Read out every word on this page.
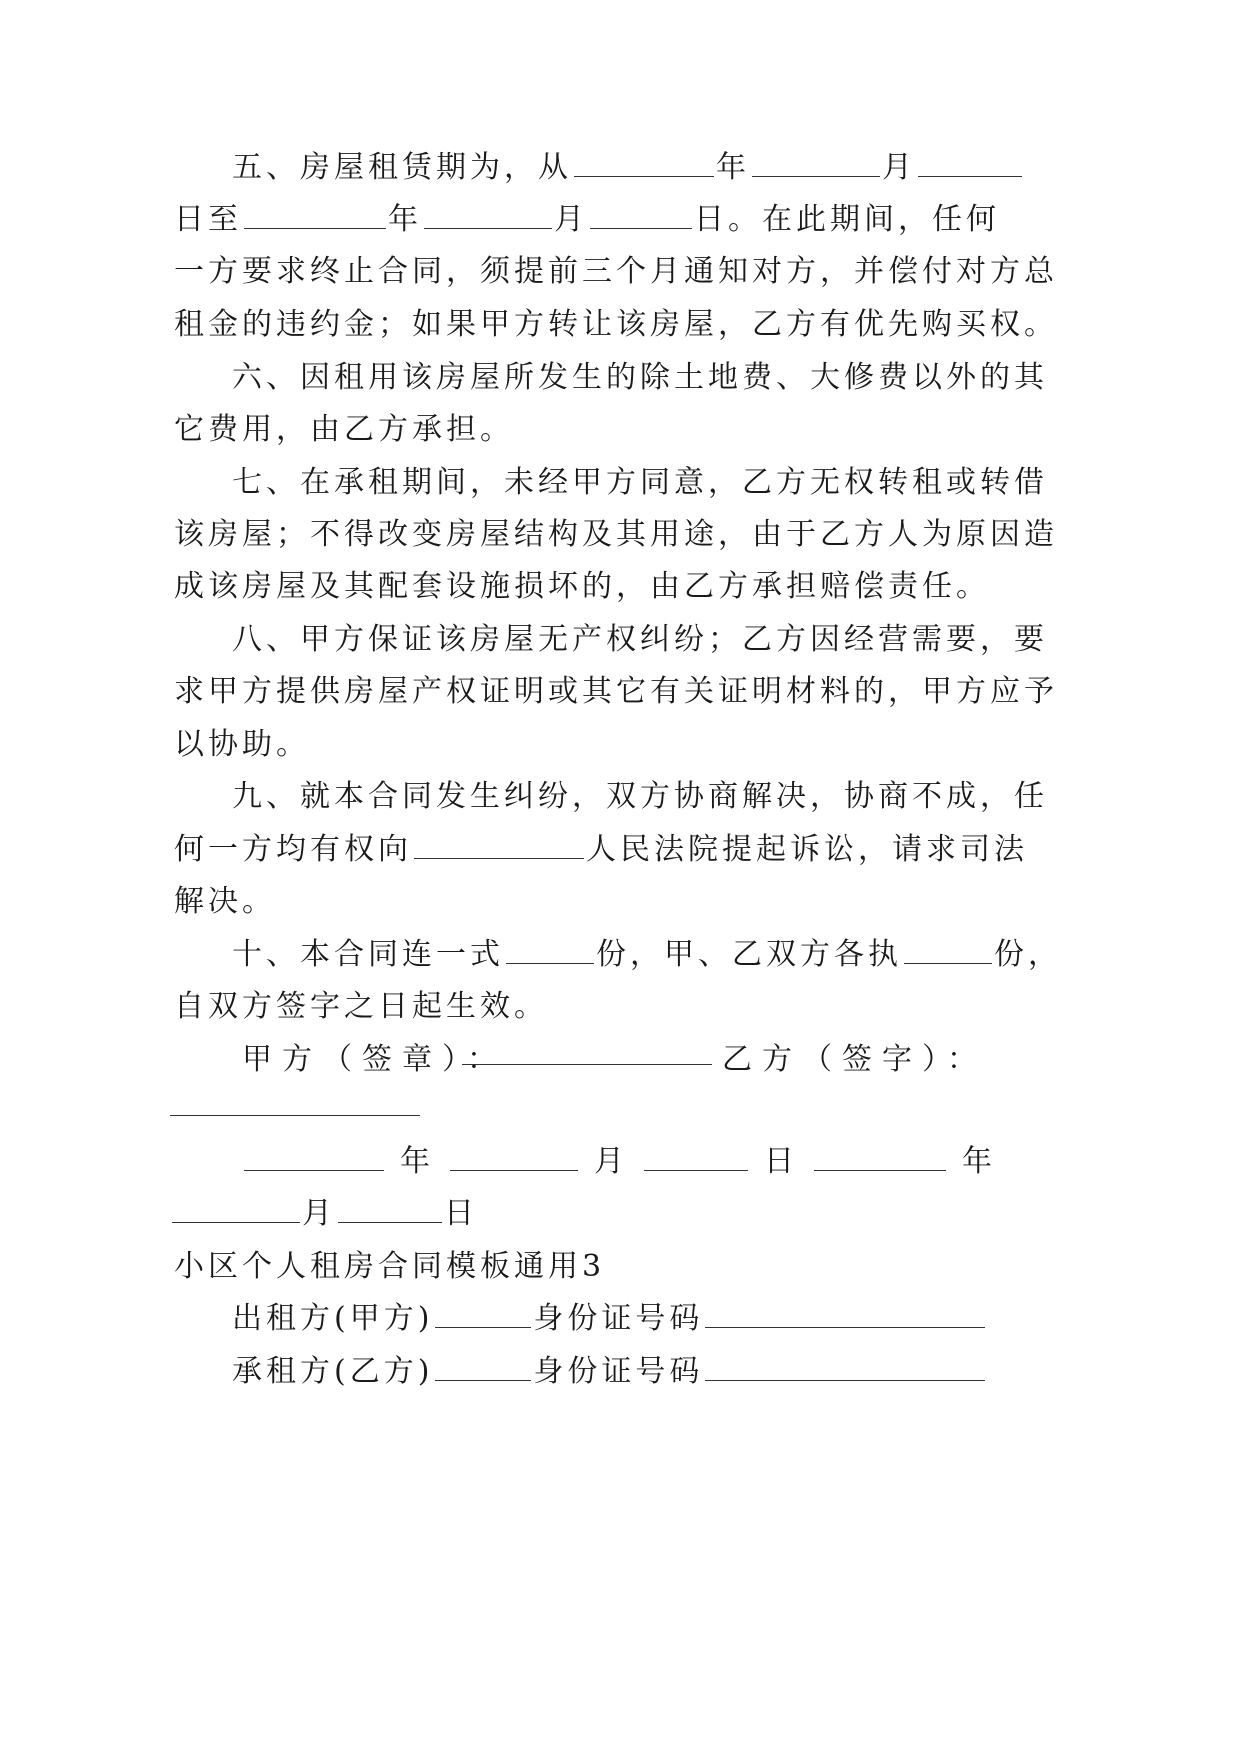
五、房屋租赁期为，从	年	月
日至	年	月	日。在此期间，任何
一方要求终止合同，须提前三个月通知对方，并偿付对方总
租金的违约金；如果甲方转让该房屋，乙方有优先购买权。
六、因租用该房屋所发生的除土地费、大修费以外的其
它费用，由乙方承担。
七、在承租期间，未经甲方同意，乙方无权转租或转借
该房屋；不得改变房屋结构及其用途，由于乙方人为原因造
成该房屋及其配套设施损坏的，由乙方承担赔偿责任。
八、甲方保证该房屋无产权纠纷；乙方因经营需要，要
求甲方提供房屋产权证明或其它有关证明材料的，甲方应予
以协助。
九、就本合同发生纠纷，双方协商解决，协商不成，任
何一方均有权向	人民法院提起诉讼，请求司法
解决。
十、本合同连一式	份，甲、乙双方各执	份，
自双方签字之日起生效。
甲方（签章）：	乙方（签字）：
年	月	日	年
月	日
小区个人租房合同模板通用3
出租方(甲方)	身份证号码
承租方(乙方)	身份证号码
